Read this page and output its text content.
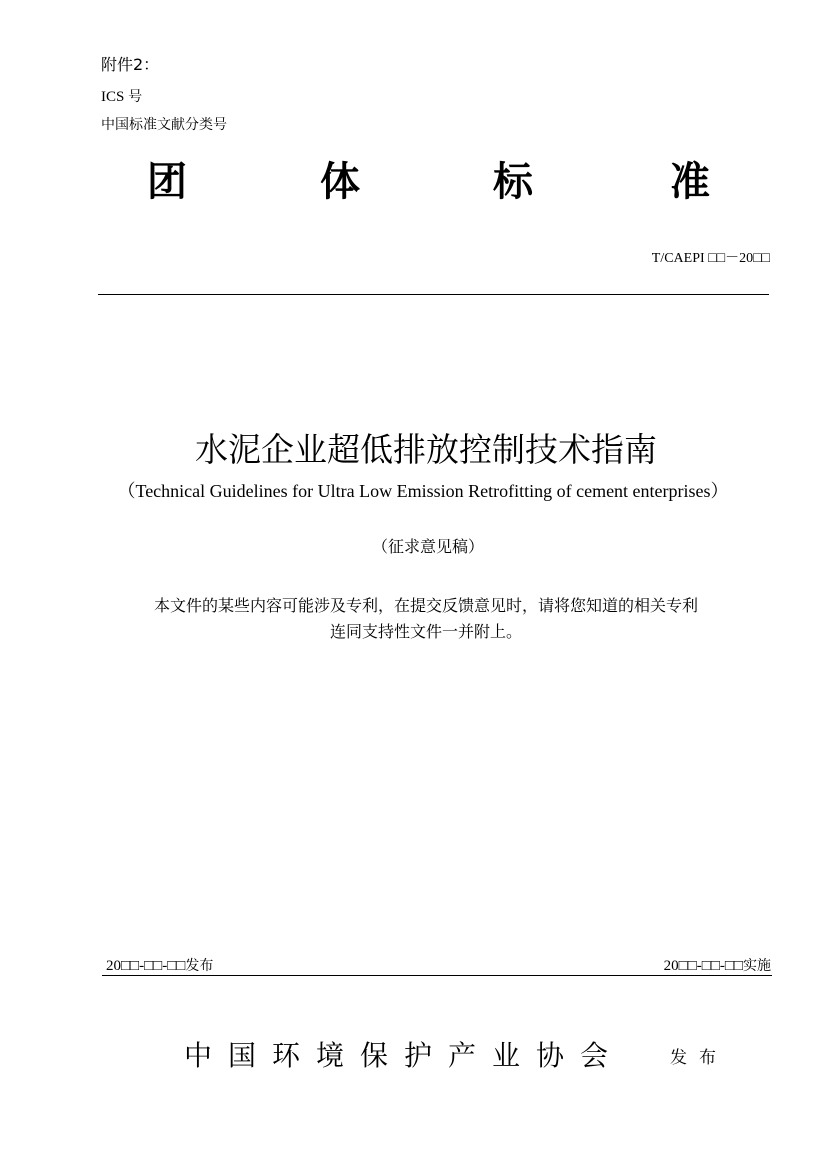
附件2：
ICS 号
中国标准文献分类号
团	体	标	准
T/CAEPI □□－20□□
水泥企业超低排放控制技术指南
（Technical Guidelines for Ultra Low Emission Retrofitting of cement enterprises）
（征求意见稿）
本文件的某些内容可能涉及专利，在提交反馈意见时，请将您知道的相关专利
连同支持性文件一并附上。
20□□-□□-□□发布	20□□-□□-□□实施
中国环境保护产业协会	发布
